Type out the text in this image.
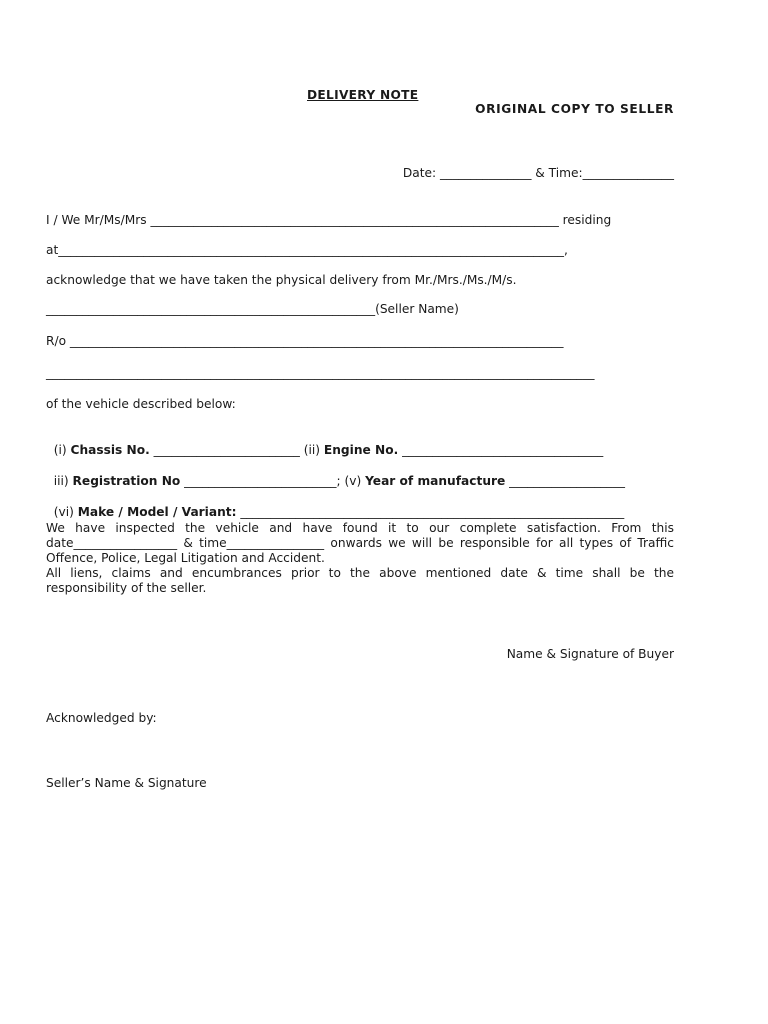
DELIVERY NOTE
ORIGINAL COPY TO SELLER
Date: _______________ & Time:_______________
I / We Mr/Ms/Mrs ___________________________________________________________________ residing
at___________________________________________________________________________________,
acknowledge that we have taken the physical delivery from Mr./Mrs./Ms./M/s.
______________________________________________________(Seller Name)
R/o _________________________________________________________________________________
__________________________________________________________________________________________
of the vehicle described below:

(i) Chassis No. ________________________ (ii) Engine No. _________________________________

iii) Registration No _________________________; (v) Year of manufacture ___________________

(vi) Make / Model / Variant: _______________________________________________________________

We have inspected the vehicle and have found it to our complete satisfaction. From this date_________________ & time________________ onwards we will be responsible for all types of Traffic Offence, Police, Legal Litigation and Accident.

All liens, claims and encumbrances prior to the above mentioned date & time shall be the responsibility of the seller.

Name & Signature of Buyer
Acknowledged by:
Seller’s Name & Signature
